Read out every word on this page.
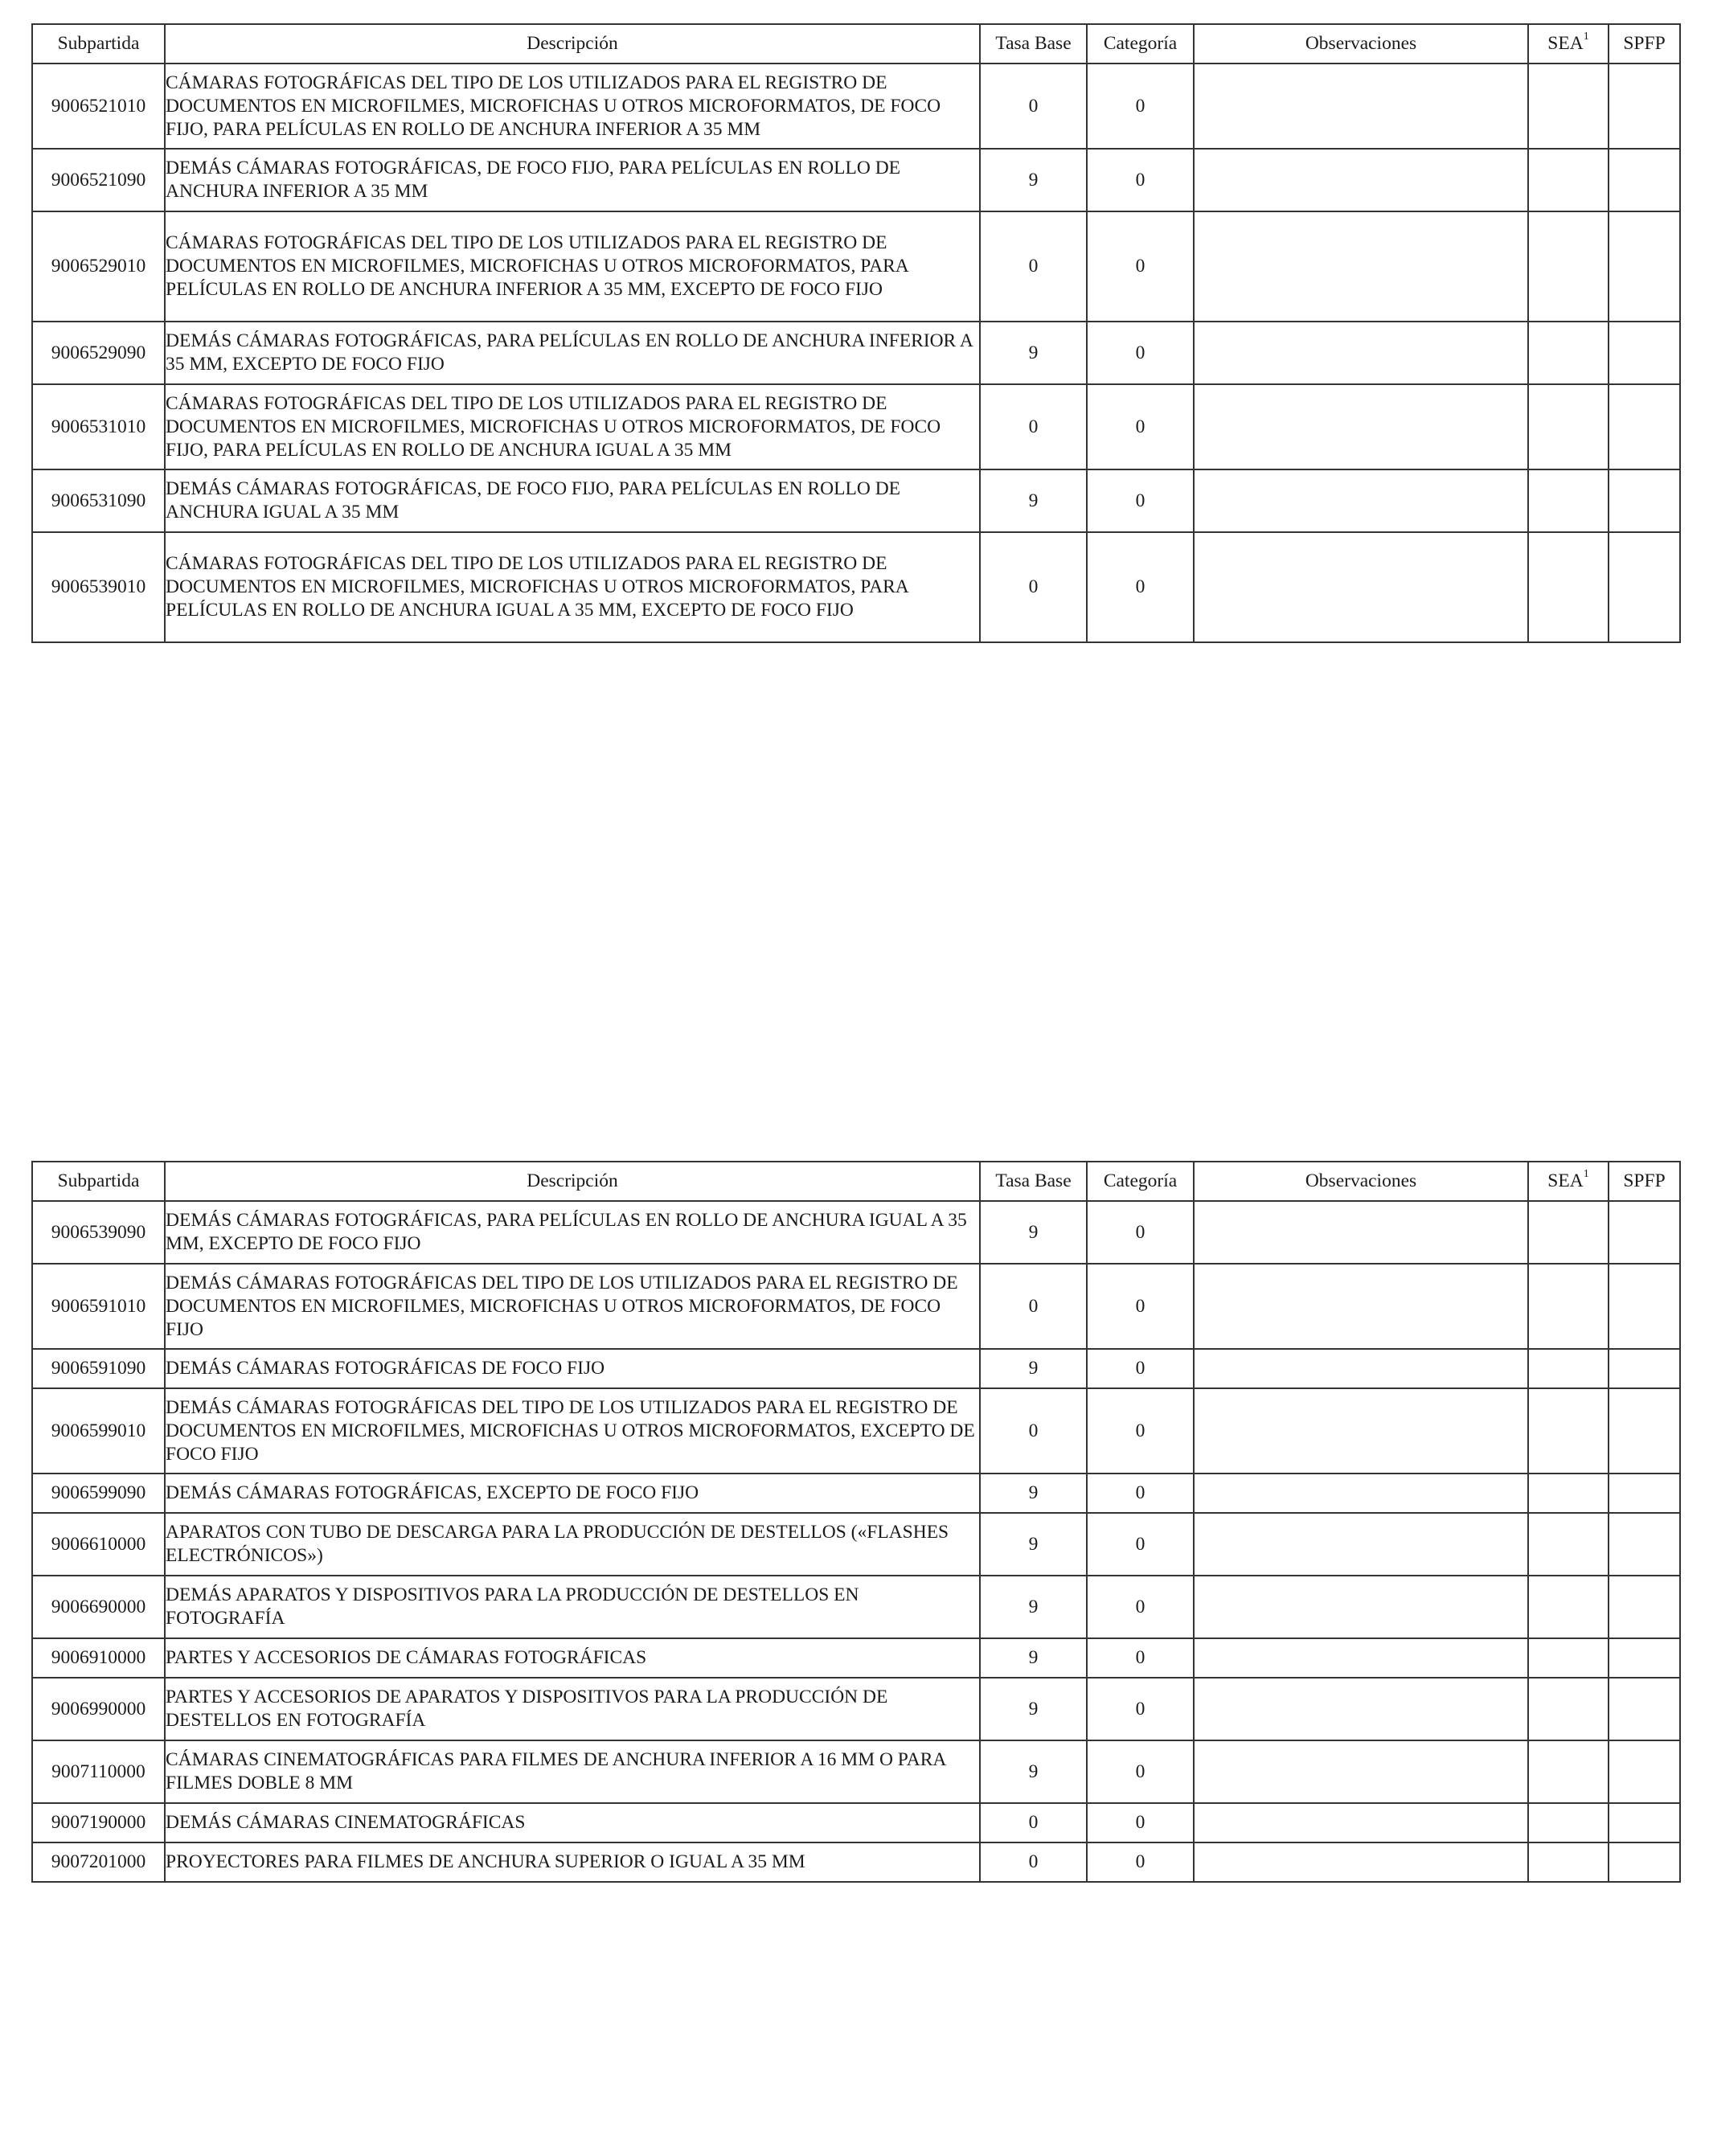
Subpartida	Descripción	Tasa Base	Categoría	Observaciones	SEA$^1$	SPFP
9006521010	CÁMARAS FOTOGRÁFICAS DEL TIPO DE LOS UTILIZADOS PARA EL REGISTRO DE DOCUMENTOS EN MICROFILMES, MICROFICHAS U OTROS MICROFORMATOS, DE FOCO FIJO, PARA PELÍCULAS EN ROLLO DE ANCHURA INFERIOR A 35 MM	0	0			
9006521090	DEMÁS CÁMARAS FOTOGRÁFICAS, DE FOCO FIJO, PARA PELÍCULAS EN ROLLO DE ANCHURA INFERIOR A 35 MM	9	0			
9006529010	CÁMARAS FOTOGRÁFICAS DEL TIPO DE LOS UTILIZADOS PARA EL REGISTRO DE DOCUMENTOS EN MICROFILMES, MICROFICHAS U OTROS MICROFORMATOS, PARA PELÍCULAS EN ROLLO DE ANCHURA INFERIOR A 35 MM, EXCEPTO DE FOCO FIJO	0	0			
9006529090	DEMÁS CÁMARAS FOTOGRÁFICAS, PARA PELÍCULAS EN ROLLO DE ANCHURA INFERIOR A 35 MM, EXCEPTO DE FOCO FIJO	9	0			
9006531010	CÁMARAS FOTOGRÁFICAS DEL TIPO DE LOS UTILIZADOS PARA EL REGISTRO DE DOCUMENTOS EN MICROFILMES, MICROFICHAS U OTROS MICROFORMATOS, DE FOCO FIJO, PARA PELÍCULAS EN ROLLO DE ANCHURA IGUAL A 35 MM	0	0			
9006531090	DEMÁS CÁMARAS FOTOGRÁFICAS, DE FOCO FIJO, PARA PELÍCULAS EN ROLLO DE ANCHURA IGUAL A 35 MM	9	0			
9006539010	CÁMARAS FOTOGRÁFICAS DEL TIPO DE LOS UTILIZADOS PARA EL REGISTRO DE DOCUMENTOS EN MICROFILMES, MICROFICHAS U OTROS MICROFORMATOS, PARA PELÍCULAS EN ROLLO DE ANCHURA IGUAL A 35 MM, EXCEPTO DE FOCO FIJO	0	0			
Subpartida	Descripción	Tasa Base	Categoría	Observaciones	SEA$^1$	SPFP
9006539090	DEMÁS CÁMARAS FOTOGRÁFICAS, PARA PELÍCULAS EN ROLLO DE ANCHURA IGUAL A 35 MM, EXCEPTO DE FOCO FIJO	9	0			
9006591010	DEMÁS CÁMARAS FOTOGRÁFICAS DEL TIPO DE LOS UTILIZADOS PARA EL REGISTRO DE DOCUMENTOS EN MICROFILMES, MICROFICHAS U OTROS MICROFORMATOS, DE FOCO FIJO	0	0			
9006591090	DEMÁS CÁMARAS FOTOGRÁFICAS DE FOCO FIJO	9	0			
9006599010	DEMÁS CÁMARAS FOTOGRÁFICAS DEL TIPO DE LOS UTILIZADOS PARA EL REGISTRO DE DOCUMENTOS EN MICROFILMES, MICROFICHAS U OTROS MICROFORMATOS, EXCEPTO DE FOCO FIJO	0	0			
9006599090	DEMÁS CÁMARAS FOTOGRÁFICAS, EXCEPTO DE FOCO FIJO	9	0			
9006610000	APARATOS CON TUBO DE DESCARGA PARA LA PRODUCCIÓN DE DESTELLOS («FLASHES ELECTRÓNICOS»)	9	0			
9006690000	DEMÁS APARATOS Y DISPOSITIVOS PARA LA PRODUCCIÓN DE DESTELLOS EN FOTOGRAFÍA	9	0			
9006910000	PARTES Y ACCESORIOS DE CÁMARAS FOTOGRÁFICAS	9	0			
9006990000	PARTES Y ACCESORIOS DE APARATOS Y DISPOSITIVOS PARA LA PRODUCCIÓN DE DESTELLOS EN FOTOGRAFÍA	9	0			
9007110000	CÁMARAS CINEMATOGRÁFICAS PARA FILMES DE ANCHURA INFERIOR A 16 MM O PARA FILMES DOBLE 8 MM	9	0			
9007190000	DEMÁS CÁMARAS CINEMATOGRÁFICAS	0	0			
9007201000	PROYECTORES PARA FILMES DE ANCHURA SUPERIOR O IGUAL A 35 MM	0	0			
